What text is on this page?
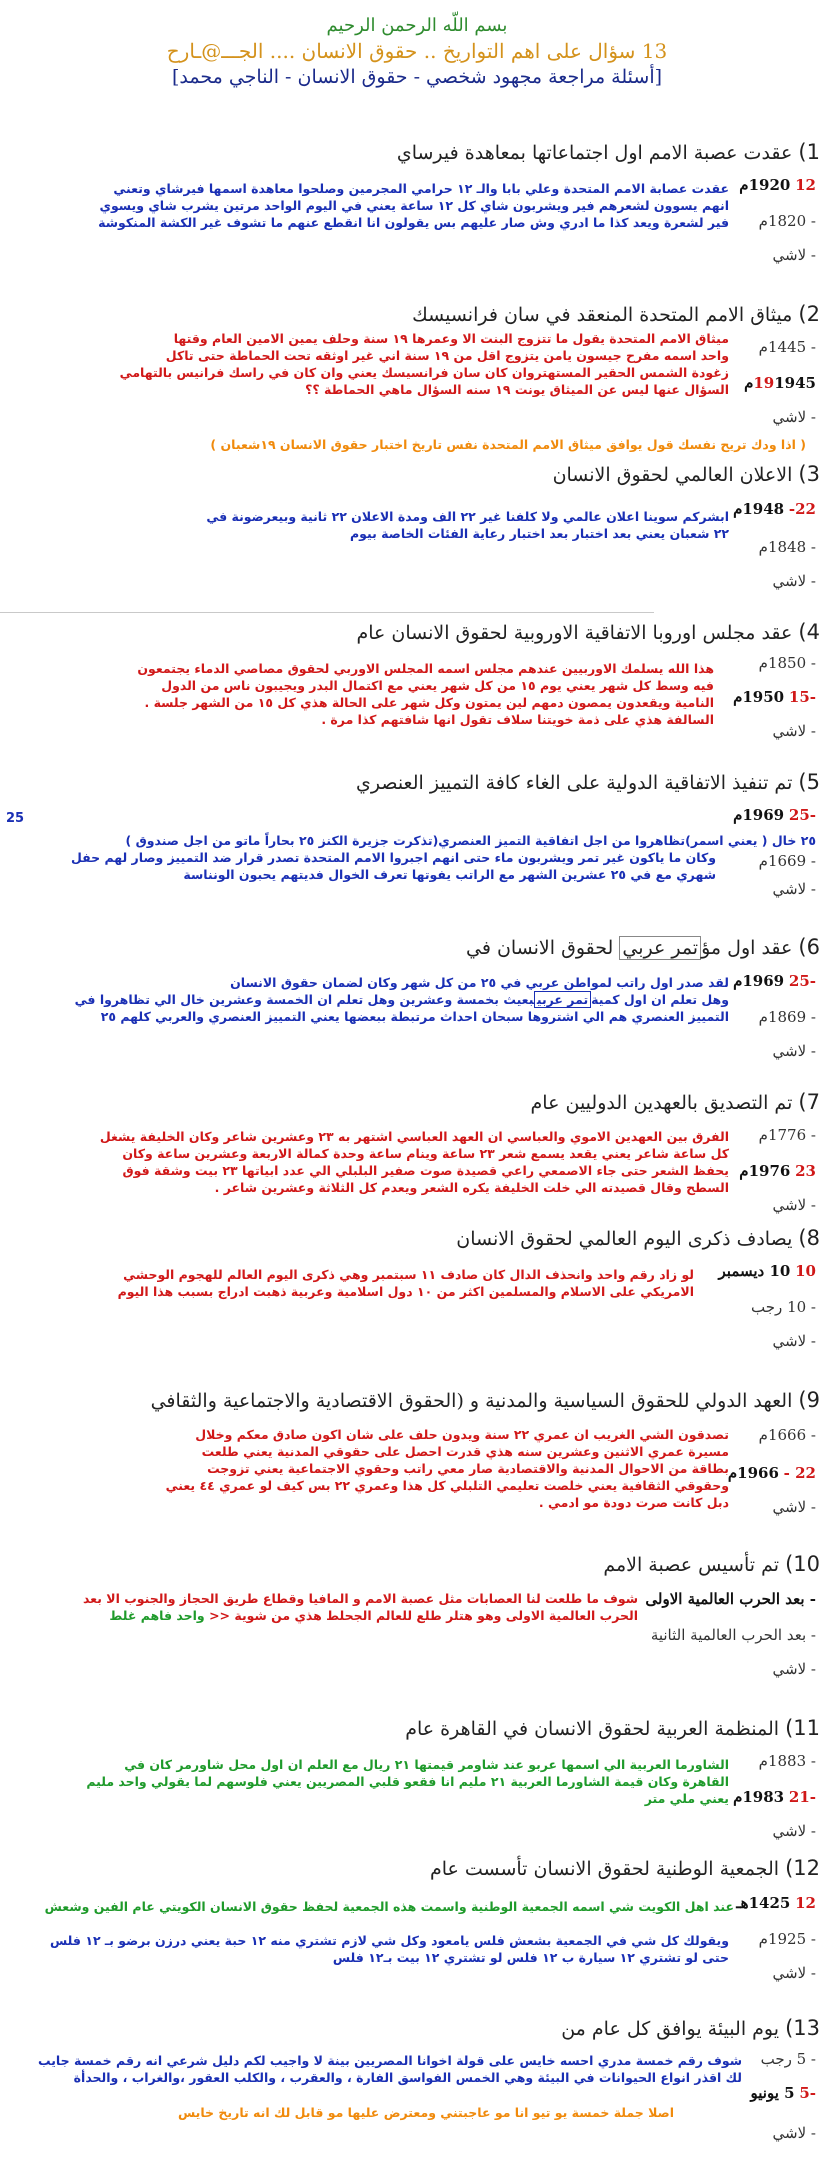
بسم اللّه الرحمن الرحيم
13 سؤال على اهم التواريخ .. حقوق الانسان .... الجـــ@ـارح
[أسئلة مراجعة مجهود شخصي - حقوق الانسان - الناجي محمد]
1) عقدت عصبة الامم اول اجتماعاتها بمعاهدة فيرساي
12 1920م
عقدت عصابة الامم المتحدة وعلي بابا والـ ١٢ حرامي المجرمين وصلحوا معاهدة اسمها فيرشاي وتعني
انهم يسوون لشعرهم فير ويشربون شاي كل ١٢ ساعة يعني في اليوم الواحد مرتين يشرب شاي ويسوي
فير لشعرة ويعد كذا ما ادري وش صار عليهم بس يقولون انا انقطع عنهم ما تشوف غير الكشة المنكوشة - 1820م
- لاشي
2) ميثاق الامم المتحدة المنعقد في سان فرانسيسك
- 1445م
ميثاق الامم المتحدة يقول ما تتزوج البنت الا وعمرها ١٩ سنة وحلف يمين الامين العام وقتها
واحد اسمه مفرح جيسون يامن يتزوج اقل من ١٩ سنة اني غير اوثقه تحت الحماطة حتى تاكل
زغودة الشمس الحقير المستهتروان كان سان فرانسيسك يعني وان كان في راسك فرانيس بالتهامي
السؤال عنها ليس عن الميثاق يونت ١٩ سنه السؤال ماهي الحماطة ؟؟	191945م
- لاشي
( اذا ودك تريح نفسك قول يوافق ميثاق الامم المتحدة نفس تاريخ اختبار حقوق الانسان ١٩شعبان )
3) الاعلان العالمي لحقوق الانسان
22- 1948م
ابشركم سوينا اعلان عالمي ولا كلفنا غير ٢٢ الف ومدة الاعلان ٢٢ ثانية وبيعرضونة في
٢٢ شعبان يعني بعد اختبار بعد اختبار رعاية الفئات الخاصة بيوم
- 1848م
- لاشي
4) عقد مجلس اوروبا الاتفاقية الاوروبية لحقوق الانسان عام
- 1850م
هذا الله يسلمك الاوربيين عندهم مجلس اسمه المجلس الاوربي لحقوق مصاصي الدماء يجتمعون
فيه وسط كل شهر يعني يوم ١٥ من كل شهر يعني مع اكتمال البدر ويجيبون ناس من الدول
النامية ويقعدون يمصون دمهم لين يمتون وكل شهر على الحالة هذي كل ١٥ من الشهر جلسة .
السالفة هذي على ذمة خويتنا سلاف تقول انها شافتهم كذا مرة .
-15 1950م
- لاشي
5) تم تنفيذ الاتفاقية الدولية على الغاء كافة التمييز العنصري
-25 1969م
25
٢٥ خال ( يعني اسمر)تظاهروا من اجل اتفاقية التميز العنصري(تذكرت جزيرة الكنز ٢٥ بحاراً ماتو من اجل صندوق )
وكان ما ياكون غير تمر ويشربون ماء حتى انهم اجبروا الامم المتحدة تصدر قرار ضد التمييز وصار لهم حفل
شهري مع في ٢٥ عشرين الشهر مع الراتب يفوتها تعرف الخوال فديتهم يحبون الونناسة
- 1669م
- لاشي
6) عقد اول مؤتمر عربي لحقوق الانسان في
-25 1969م
لقد صدر اول راتب لمواطن عربي في ٢٥ من كل شهر وكان لضمان حقوق الانسان
وهل تعلم ان اول كميةتمر عربيبعيث بخمسة وعشرين وهل تعلم ان الخمسة وعشرين خال الي تظاهروا في
التمييز العنصري هم الي اشتروها سبحان احداث مرتبطة ببعضها يعني التمييز العنصري والعربي كلهم ٢٥ - 1869م
- لاشي
7) تم التصديق بالعهدين الدوليين عام
- 1776م
الفرق بين العهدين الاموي والعباسي ان العهد العباسي اشتهر به ٢٣ وعشرين شاعر وكان الخليفة يشغل
كل ساعة شاعر يعني يقعد يسمع شعر ٢٣ ساعة وينام ساعة وحدة كمالة الاربعة وعشرين ساعة وكان
يحفظ الشعر حتى جاء الاصمعي راعي قصيدة صوت صفير البلبلي الي عدد ابياتها ٢٣ بيت وشقة فوق
السطح وقال قصيدته الي خلت الخليفة يكره الشعر ويعدم كل الثلاثة وعشرين شاعر .
23 1976م
- لاشي
8) يصادف ذكرى اليوم العالمي لحقوق الانسان
10 10 ديسمبر
لو زاد رقم واحد وانحذف الدال كان صادف ١١ سبتمبر وهي ذكرى اليوم العالم للهجوم الوحشي
الامريكي على الاسلام والمسلمين اكثر من ١٠ دول اسلامية وعربية ذهبت ادراج بسبب هذا اليوم
- 10 رجب
- لاشي
9) العهد الدولي للحقوق السياسية والمدنية و (الحقوق الاقتصادية والاجتماعية والثقافي
- 1666م
تصدقون الشي الغريب ان عمري ٢٢ سنة ويدون حلف على شان اكون صادق معكم وخلال
مسيرة عمري الاثنين وعشرين سنه هذي قدرت احصل على حقوقي المدنية يعني طلعت
بطاقة من الاحوال المدنية والاقتصادية صار معي راتب وحقوي الاجتماعية يعني تزوجت
وحقوقي الثقافية يعني خلصت تعليمي التلبلي كل هذا وعمري ٢٢ بس كيف لو عمري ٤٤ يعني
دبل كانت صرت دودة مو ادمي .
22 - 1966م
- لاشي
10) تم تأسيس عصبة الامم
- بعد الحرب العالمية الاولى
شوف ما طلعت لنا العصابات مثل عصبة الامم و المافيا وقطاع طريق الحجاز والجنوب الا بعد
الحرب العالمية الاولى وهو هتلر طلع للعالم الجحلط هذي من شوية << واحد فاهم غلط
- بعد الحرب العالمية الثانية
- لاشي
11) المنظمة العربية لحقوق الانسان في القاهرة عام
- 1883م
الشاورما العربية الي اسمها عربو عند شاومر قيمتها ٢١ ريال مع العلم ان اول محل شاورمر كان في
القاهرة وكان قيمة الشاورما العربية ٢١ مليم انا فقعو قلبي المصريين يعني فلوسهم لما يقولي واحد مليم
يعني ملي متر	-21 1983م
- لاشي
12) الجمعية الوطنية لحقوق الانسان تأسست عام
12 1425هـ
عند اهل الكويت شي اسمه الجمعية الوطنية واسمت هذه الجمعية لحفظ حقوق الانسان الكويتي عام الفين وشعش
- 1925م
ويقولك كل شي في الجمعية بشعش فلس يامعود وكل شي لازم تشتري منه ١٢ حبة يعني درزن برضو بـ ١٢ فلس
حتى لو تشتري ١٢ سيارة ب ١٢ فلس لو تشتري ١٢ بيت بـ١٢ فلس
- لاشي
13) يوم البيئة يوافق كل عام من
- 5 رجب
شوف رقم خمسة مدري احسه خايس على قولة اخوانا المصريين بينة لا واجيب لكم دليل شرعي انه رقم خمسة جايب
لك اقذر انواع الحيوانات في البيئة وهي الخمس الفواسق الفارة ، والعقرب ، والكلب العقور ،والغراب ، والحدأة
-5 5 يونيو
اصلا جملة خمسة يو تيو انا مو عاجبتني ومعترض عليها مو قابل لك انه تاريخ خايس
- لاشي
